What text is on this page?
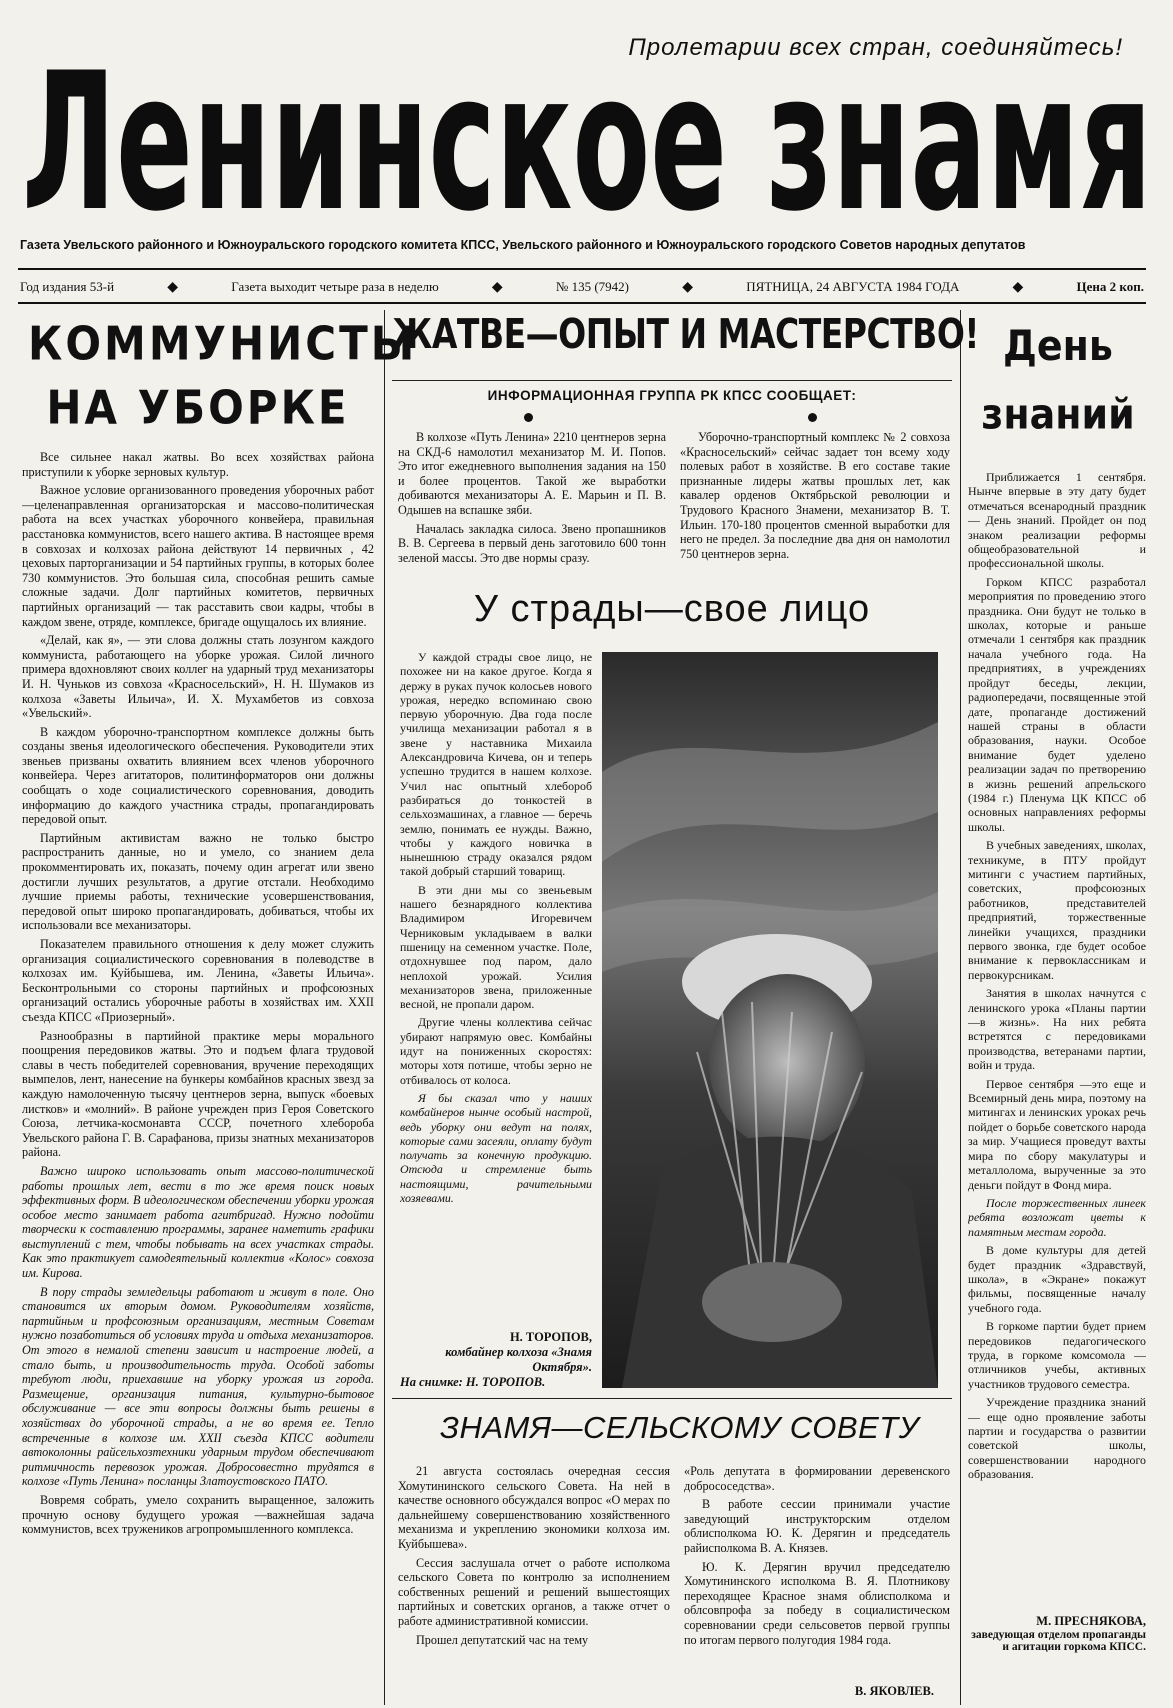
Пролетарии всех стран, соединяйтесь!
Ленинское знамя
Газета Увельского районного и Южноуральского городского комитета КПСС, Увельского районного и Южноуральского городского Советов народных депутатов
Год издания 53-й	◆	Газета выходит четыре раза в неделю	◆	№ 135 (7942)	◆	ПЯТНИЦА, 24 АВГУСТА 1984 ГОДА	◆	Цена 2 коп.
КОММУНИСТЫ
НА УБОРКЕ

Все сильнее накал жатвы. Во всех хозяйствах района приступили к уборке зерновых культур.

Важное условие организованного проведения уборочных работ —целенаправленная организаторская и массово-политическая работа на всех участках уборочного конвейера, правильная расстановка коммунистов, всего нашего актива. В настоящее время в совхозах и колхозах района действуют 14 первичных , 42 цеховых парторганизации и 54 партийных группы, в которых более 730 коммунистов. Это большая сила, способная решить самые сложные задачи. Долг партийных комитетов, первичных партийных организаций — так расставить свои кадры, чтобы в каждом звене, отряде, комплексе, бригаде ощущалось их влияние.

«Делай, как я», — эти слова должны стать лозунгом каждого коммуниста, работающего на уборке урожая. Силой личного примера вдохновляют своих коллег на ударный труд механизаторы И. Н. Чуньков из совхоза «Красносельский», Н. Н. Шумаков из колхоза «Заветы Ильича», И. Х. Мухамбетов из совхоза «Увельский».

В каждом уборочно-транспортном комплексе должны быть созданы звенья идеологического обеспечения. Руководители этих звеньев призваны охватить влиянием всех членов уборочного конвейера. Через агитаторов, политинформаторов они должны сообщать о ходе социалистического соревнования, доводить информацию до каждого участника страды, пропагандировать передовой опыт.

Партийным активистам важно не только быстро распространить данные, но и умело, со знанием дела прокомментировать их, показать, почему один агрегат или звено достигли лучших результатов, а другие отстали. Необходимо лучшие приемы работы, технические усовершенствования, передовой опыт широко пропагандировать, добиваться, чтобы их использовали все механизаторы.

Показателем правильного отношения к делу может служить организация социалистического соревнования в полеводстве в колхозах им. Куйбышева, им. Ленина, «Заветы Ильича». Бесконтрольными со стороны партийных и профсоюзных организаций остались уборочные работы в хозяйствах им. XXII съезда КПСС «Приозерный».

Разнообразны в партийной практике меры морального поощрения передовиков жатвы. Это и подъем флага трудовой славы в честь победителей соревнования, вручение переходящих вымпелов, лент, нанесение на бункеры комбайнов красных звезд за каждую намолоченную тысячу центнеров зерна, выпуск «боевых листков» и «молний». В районе учрежден приз Героя Советского Союза, летчика-космонавта СССР, почетного хлебороба Увельского района Г. В. Сарафанова, призы знатных механизаторов района.

Важно широко использовать опыт массово-политической работы прошлых лет, вести в то же время поиск новых эффективных форм. В идеологическом обеспечении уборки урожая особое место занимает работа агитбригад. Нужно подойти творчески к составлению программы, заранее наметить графики выступлений с тем, чтобы побывать на всех участках страды. Как это практикует самодеятельный коллектив «Колос» совхоза им. Кирова.

В пору страды земледельцы работают и живут в поле. Оно становится их вторым домом. Руководителям хозяйств, партийным и профсоюзным организациям, местным Советам нужно позаботиться об условиях труда и отдыха механизаторов. От этого в немалой степени зависит и настроение людей, а стало быть, и производительность труда. Особой заботы требуют люди, приехавшие на уборку урожая из города. Размещение, организация питания, культурно-бытовое обслуживание — все эти вопросы должны быть решены в хозяйствах до уборочной страды, а не во время ее. Тепло встреченные в колхозе им. XXII съезда КПСС водители автоколонны райсельхозтехники ударным трудом обеспечивают ритмичность перевозок урожая. Добросовестно трудятся в колхозе «Путь Ленина» посланцы Златоустовского ПАТО.

Вовремя собрать, умело сохранить выращенное, заложить прочную основу будущего урожая —важнейшая задача коммунистов, всех тружеников агропромышленного комплекса.

ЖАТВЕ—ОПЫТ И МАСТЕРСТВО!
ИНФОРМАЦИОННАЯ ГРУППА РК КПСС СООБЩАЕТ:

В колхозе «Путь Ленина» 2210 центнеров зерна на СКД-6 намолотил механизатор М. И. Попов. Это итог ежедневного выполнения задания на 150 и более процентов. Такой же выработки добиваются механизаторы А. Е. Марьин и П. В. Одышев на вспашке зяби.

Началась закладка силоса. Звено пропашников В. В. Сергеева в первый день заготовило 600 тонн зеленой массы. Это две нормы сразу.

Уборочно-транспортный комплекс № 2 совхоза «Красносельский» сейчас задает тон всему ходу полевых работ в хозяйстве. В его составе такие признанные лидеры жатвы прошлых лет, как кавалер орденов Октябрьской революции и Трудового Красного Знамени, механизатор В. Т. Ильин. 170-180 процентов сменной выработки для него не предел. За последние два дня он намолотил 750 центнеров зерна.

У страды—свое лицо

У каждой страды свое лицо, не похожее ни на какое другое. Когда я держу в руках пучок колосьев нового урожая, нередко вспоминаю свою первую уборочную. Два года после училища механизации работал я в звене у наставника Михаила Александровича Кичева, он и теперь успешно трудится в нашем колхозе. Учил нас опытный хлебороб разбираться до тонкостей в сельхозмашинах, а главное — беречь землю, понимать ее нужды. Важно, чтобы у каждого новичка в нынешнюю страду оказался рядом такой добрый старший товарищ.

В эти дни мы со звеньевым нашего безнарядного коллектива Владимиром Игоревичем Черниковым укладываем в валки пшеницу на семенном участке. Поле, отдохнувшее под паром, дало неплохой урожай. Усилия механизаторов звена, приложенные весной, не пропали даром.

Другие члены коллектива сейчас убирают напрямую овес. Комбайны идут на пониженных скоростях: моторы хотя потише, чтобы зерно не отбивалось от колоса.

Я бы сказал что у наших комбайнеров нынче особый настрой, ведь уборку они ведут на полях, которые сами засеяли, оплату будут получать за конечную продукцию. Отсюда и стремление быть настоящими, рачительными хозяевами.

Н. ТОРОПОВ,
комбайнер колхоза «Знамя Октября».
На снимке: Н. ТОРОПОВ.
ЗНАМЯ—СЕЛЬСКОМУ СОВЕТУ

21 августа состоялась очередная сессия Хомутининского сельского Совета. На ней в качестве основного обсуждался вопрос «О мерах по дальнейшему совершенствованию хозяйственного механизма и укреплению экономики колхоза им. Куйбышева».

Сессия заслушала отчет о работе исполкома сельского Совета по контролю за исполнением собственных решений и решений вышестоящих партийных и советских органов, а также отчет о работе административной комиссии.

Прошел депутатский час на тему

«Роль депутата в формировании деревенского добрососедства».

В работе сессии принимали участие заведующий инструкторским отделом облисполкома Ю. К. Дерягин и председатель райисполкома В. А. Князев.

Ю. К. Дерягин вручил председателю Хомутининского исполкома В. Я. Плотникову переходящее Красное знамя облисполкома и облсовпрофа за победу в социалистическом соревновании среди сельсоветов первой группы по итогам первого полугодия 1984 года.

В. ЯКОВЛЕВ.
День
знаний

Приближается 1 сентября. Нынче впервые в эту дату будет отмечаться всенародный праздник— День знаний. Пройдет он под знаком реализации реформы общеобразовательной и профессиональной школы.

Горком КПСС разработал мероприятия по проведению этого праздника. Они будут не только в школах, которые и раньше отмечали 1 сентября как праздник начала учебного года. На предприятиях, в учреждениях пройдут беседы, лекции, радиопередачи, посвященные этой дате, пропаганде достижений нашей страны в области образования, науки. Особое внимание будет уделено реализации задач по претворению в жизнь решений апрельского (1984 г.) Пленума ЦК КПСС об основных направлениях реформы школы.

В учебных заведениях, школах, техникуме, в ПТУ пройдут митинги с участием партийных, советских, профсоюзных работников, представителей предприятий, торжественные линейки учащихся, праздники первого звонка, где будет особое внимание к первоклассникам и первокурсникам.

Занятия в школах начнутся с ленинского урока «Планы партии—в жизнь». На них ребята встретятся с передовиками производства, ветеранами партии, войн и труда.

Первое сентября —это еще и Всемирный день мира, поэтому на митингах и ленинских уроках речь пойдет о борьбе советского народа за мир. Учащиеся проведут вахты мира по сбору макулатуры и металлолома, вырученные за это деньги пойдут в Фонд мира.

После торжественных линеек ребята возложат цветы к памятным местам города.

В доме культуры для детей будет праздник «Здравствуй, школа», в «Экране» покажут фильмы, посвященные началу учебного года.

В горкоме партии будет прием передовиков педагогического труда, в горкоме комсомола — отличников учебы, активных участников трудового семестра.

Учреждение праздника знаний — еще одно проявление заботы партии и государства о развитии советской школы, совершенствовании народного образования.

М. ПРЕСНЯКОВА,
заведующая отделом пропаганды и агитации горкома КПСС.
